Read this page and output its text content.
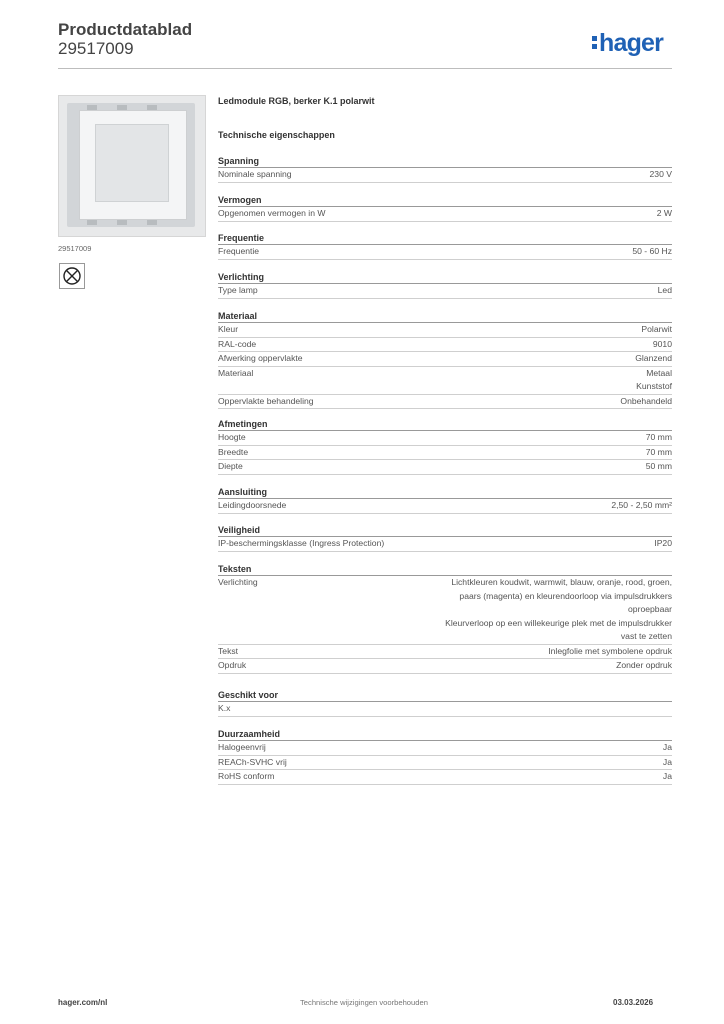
Productdatablad
29517009	hager
29517009
Ledmodule RGB, berker K.1 polarwit
Technische eigenschappen
Spanning
Nominale spanning	230 V
Vermogen
Opgenomen vermogen in W	2 W
Frequentie
Frequentie	50 - 60 Hz
Verlichting
Type lamp	Led
Materiaal
Kleur	Polarwit
RAL-code	9010
Afwerking oppervlakte	Glanzend
Materiaal	Metaal
Kunststof
Oppervlakte behandeling	Onbehandeld
Afmetingen
Hoogte	70 mm
Breedte	70 mm
Diepte	50 mm
Aansluiting
Leidingdoorsnede	2,50 - 2,50 mm²
Veiligheid
IP-beschermingsklasse (Ingress Protection)	IP20
Teksten
Verlichting	Lichtkleuren koudwit, warmwit, blauw, oranje, rood, groen,
paars (magenta) en kleurendoorloop via impulsdrukkers
oproepbaar
Kleurverloop op een willekeurige plek met de impulsdrukker
vast te zetten
Tekst	Inlegfolie met symbolene opdruk
Opdruk	Zonder opdruk
Geschikt voor
K.x
Duurzaamheid
Halogeenvrij	Ja
REACh-SVHC vrij	Ja
RoHS conform	Ja
hager.com/nl	Technische wijzigingen voorbehouden	03.03.2026
